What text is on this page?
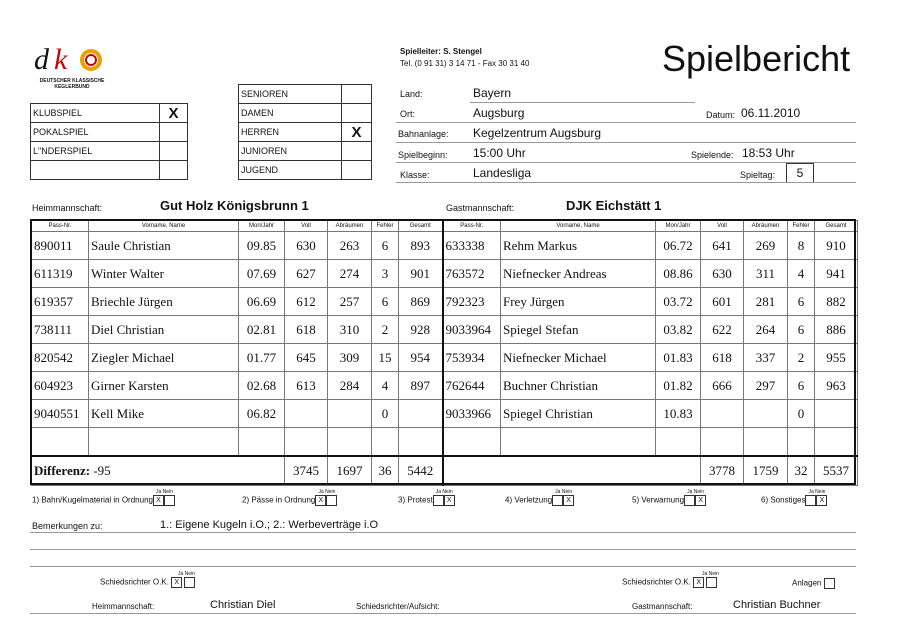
d k
DEUTSCHER KLASSISCHE KEGLERBUND
Spielleiter: S. Stengel
Tel. (0 91 31) 3 14 71 - Fax 30 31 40	Spielbericht
KLUBSPIEL	X
POKALSPIEL	
L"NDERSPIEL	

SENIOREN	
DAMEN	
HERREN	X
JUNIOREN	
JUGEND	
Land:	Bayern
Ort:	Augsburg	Datum: 06.11.2010
Bahnanlage: Kegelzentrum Augsburg
Spielbeginn: 15:00 Uhr	Spielende: 18:53 Uhr
Klasse:	Landesliga	Spieltag:	5
Heimmannschaft:	Gut Holz Königsbrunn 1	Gastmannschaft:	DJK Eichstätt 1
Pass-Nr.	Vorname, Name	Mon/Jahr	Voll	Abräumen	Fehler	Gesamt	Pass-Nr.	Vorname, Name	Mon/Jahr	Voll	Abräumen	Fehler	Gesamt
890011	Saule Christian	09.85	630	263	6	893	633338	Rehm Markus	06.72	641	269	8	910
611319	Winter Walter	07.69	627	274	3	901	763572	Niefnecker Andreas	08.86	630	311	4	941
619357	Briechle Jürgen	06.69	612	257	6	869	792323	Frey Jürgen	03.72	601	281	6	882
738111	Diel Christian	02.81	618	310	2	928	9033964	Spiegel Stefan	03.82	622	264	6	886
820542	Ziegler Michael	01.77	645	309	15	954	753934	Niefnecker Michael	01.83	618	337	2	955
604923	Girner Karsten	02.68	613	284	4	897	762644	Buchner Christian	01.82	666	297	6	963
9040551	Kell Mike	06.82			0		9033966	Spiegel Christian	10.83			0	

Differenz: -95			3745	1697	36	5442				3778	1759	32	5537
Ja Nein
1) Bahn/Kugelmaterial in Ordnung X
Ja Nein
2) Pässe in Ordnung X
Ja Nein
3) Protest X
Ja Nein
4) Verletzung X
Ja Nein
5) Verwarnung X
Ja Nein
6) Sonstiges X
Bemerkungen zu:	1.: Eigene Kugeln i.O.; 2.: Werbeverträge i.O
Ja Nein
Schiedsrichter O.K. X
Ja Nein
Schiedsrichter O.K. X	Anlagen
Heimmannschaft:	Christian Diel	Schiedsrichter/Aufsicht:	Gastmannschaft:	Christian Buchner
